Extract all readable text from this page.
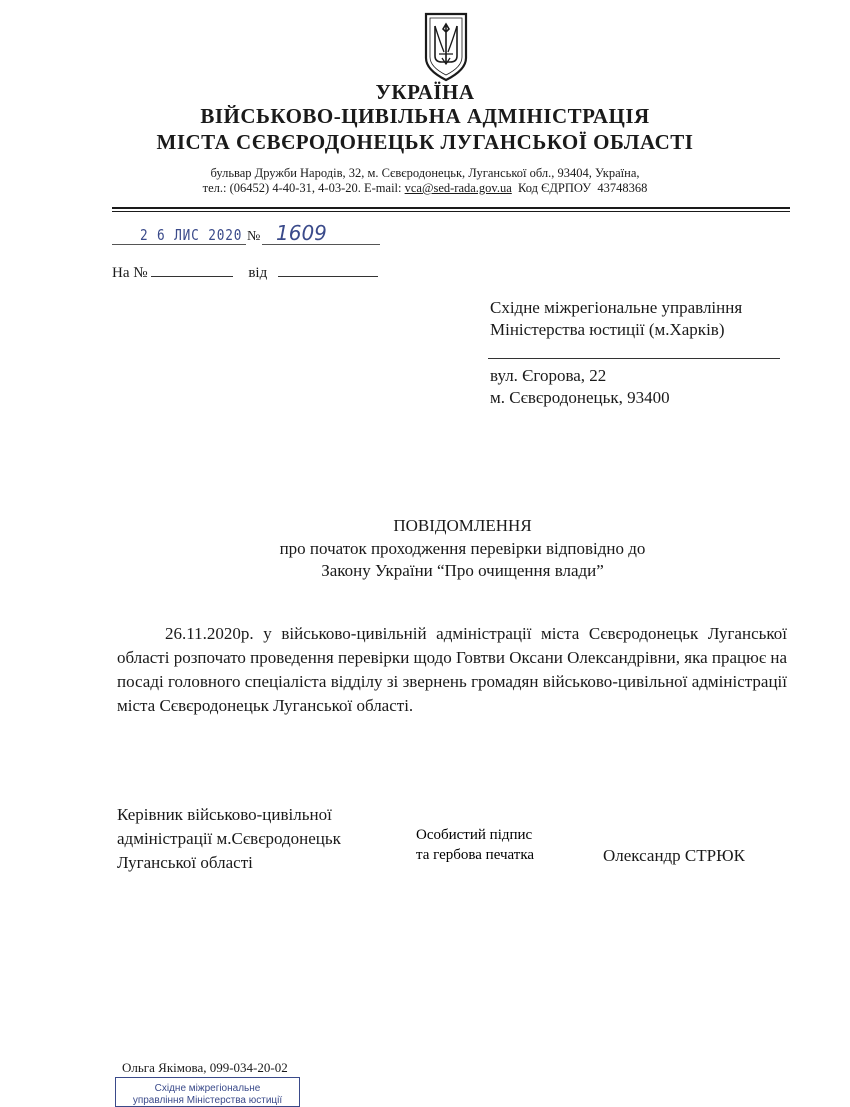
УКРАЇНА
ВІЙСЬКОВО-ЦИВІЛЬНА АДМІНІСТРАЦІЯ
МІСТА СЄВЄРОДОНЕЦЬК ЛУГАНСЬКОЇ ОБЛАСТІ
бульвар Дружби Народів, 32, м. Сєвєродонецьк, Луганської обл., 93404, Україна,
тел.: (06452) 4-40-31, 4-03-20. E-mail: vca@sed-rada.gov.ua  Код ЄДРПОУ  43748368
2 6 ЛИС 2020 № 1609
На №	від
Східне міжрегіональне управління
Міністерства юстиції (м.Харків)
вул. Єгорова, 22
м. Сєвєродонецьк, 93400
ПОВІДОМЛЕННЯ
про початок проходження перевірки відповідно до
Закону України “Про очищення влади”
26.11.2020р. у військово-цивільній адміністрації міста Сєвєродонецьк Луганської області розпочато проведення перевірки щодо Говтви Оксани Олександрівни, яка працює на посаді головного спеціаліста відділу зі звернень громадян військово-цивільної адміністрації міста Сєвєродонецьк Луганської області.
Керівник військово-цивільної
адміністрації м.Сєвєродонецьк
Луганської області
Особистий підпис
та гербова печатка	Олександр СТРЮК
Ольга Якімова, 099-034-20-02
Східне міжрегіональне
управління Міністерства юстиції
